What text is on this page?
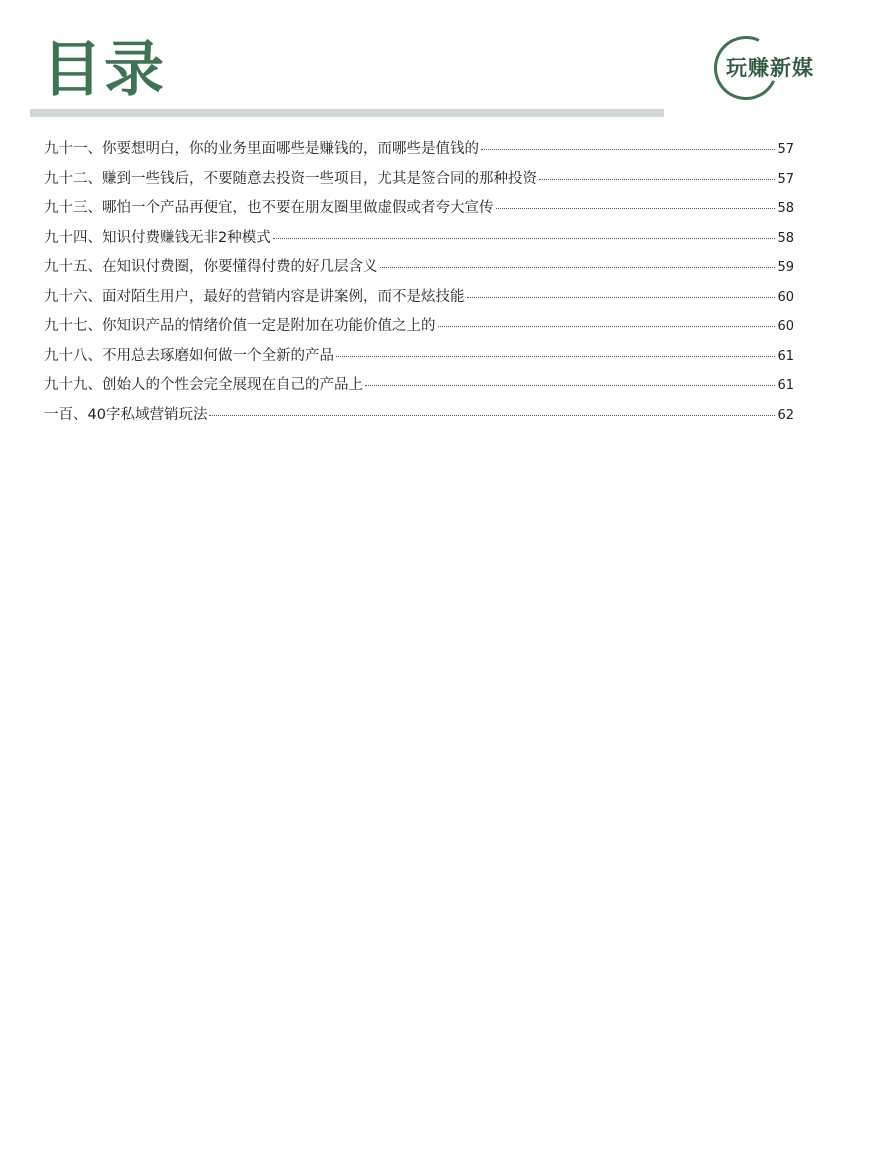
目录	玩赚新媒
九十一、你要想明白，你的业务里面哪些是赚钱的，而哪些是值钱的	57
九十二、赚到一些钱后，不要随意去投资一些项目，尤其是签合同的那种投资	57
九十三、哪怕一个产品再便宜，也不要在朋友圈里做虚假或者夸大宣传	58
九十四、知识付费赚钱无非2种模式	58
九十五、在知识付费圈，你要懂得付费的好几层含义	59
九十六、面对陌生用户，最好的营销内容是讲案例，而不是炫技能	60
九十七、你知识产品的情绪价值一定是附加在功能价值之上的	60
九十八、不用总去琢磨如何做一个全新的产品	61
九十九、创始人的个性会完全展现在自己的产品上	61
一百、40字私域营销玩法	62
